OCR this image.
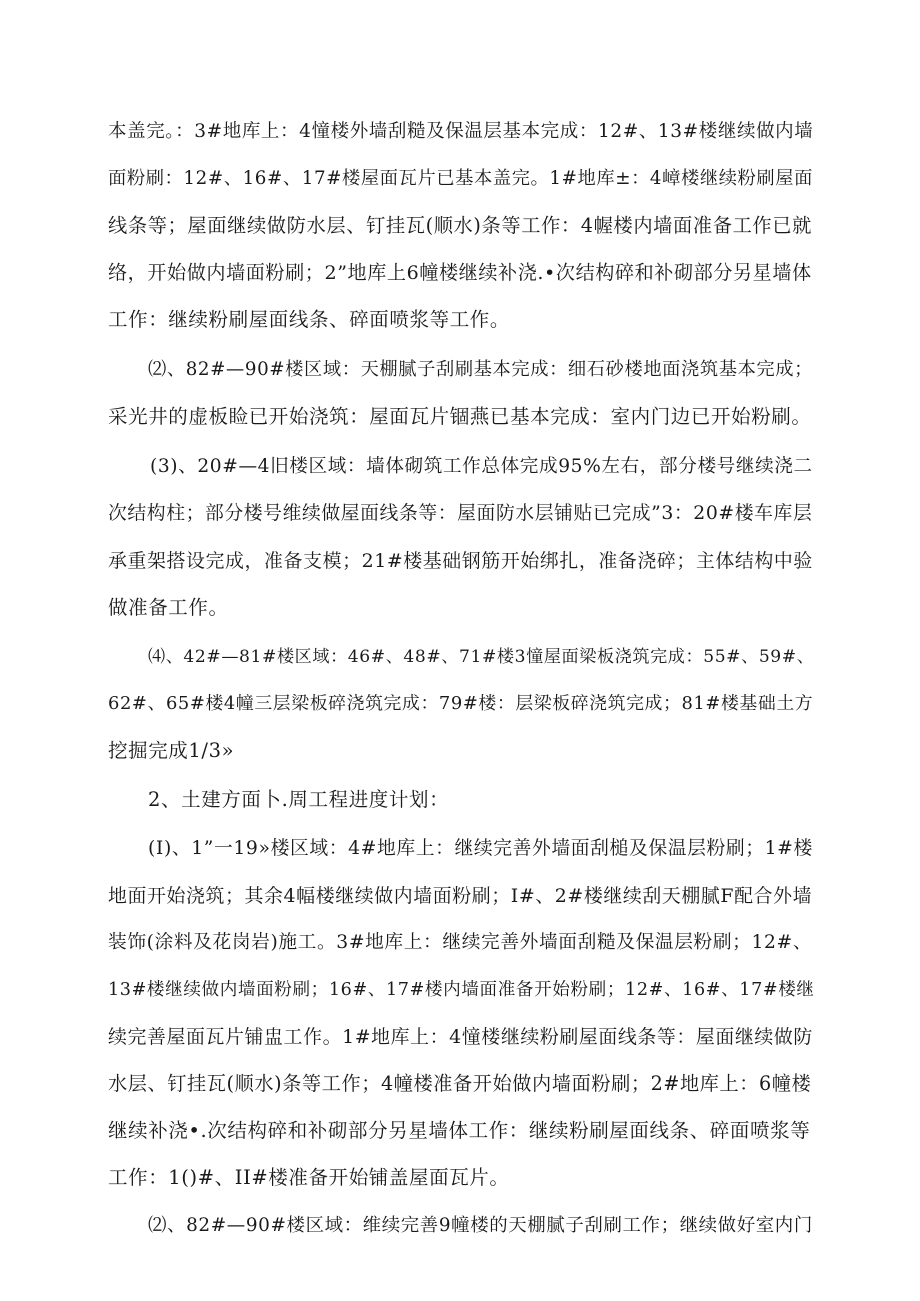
本盖完。：3#地库上：4憧楼外墙刮糙及保温层基本完成：12#、13#楼继续做内墙
面粉刷：12#、16#、17#楼屋面瓦片已基本盖完。1#地库±：4嶂楼继续粉刷屋面
线条等；屋面继续做防水层、钉挂瓦(顺水)条等工作：4幄楼内墙面准备工作已就
络，开始做内墙面粉刷；2”地库上6幢楼继续补浇.•次结构碎和补砌部分另星墙体
工作：继续粉刷屋面线条、碎面喷浆等工作。
⑵、82#—90#楼区域：天棚腻子刮刷基本完成：细石砂楼地面浇筑基本完成；
采光井的虚板睑已开始浇筑：屋面瓦片锢燕已基本完成：室内门边已开始粉刷。
(3)、20#—4旧楼区域：墙体砌筑工作总体完成95%左右，部分楼号继续浇二
次结构柱；部分楼号维续做屋面线条等：屋面防水层铺贴已完成”3：20#楼车库层
承重架搭设完成，准备支模；21#楼基础钢筋开始绑扎，准备浇碎；主体结构中验
做准备工作。
⑷、42#—81#楼区域：46#、48#、71#楼3憧屋面梁板浇筑完成：55#、59#、
62#、65#楼4幢三层梁板碎浇筑完成：79#楼：层梁板碎浇筑完成；81#楼基础土方
挖掘完成1/3»
2、土建方面卜.周工程进度计划：
(I)、1”一19»楼区域：4#地库上：继续完善外墙面刮槌及保温层粉刷；1#楼
地面开始浇筑；其余4幅楼继续做内墙面粉刷；I#、2#楼继续刮天棚腻F配合外墙
装饰(涂料及花岗岩)施工。3#地库上：继续完善外墙面刮糙及保温层粉刷；12#、
13#楼继续做内墙面粉刷；16#、17#楼内墙面准备开始粉刷；12#、16#、17#楼继
续完善屋面瓦片铺盅工作。1#地库上：4憧楼继续粉刷屋面线条等：屋面继续做防
水层、钉挂瓦(顺水)条等工作；4幢楼准备开始做内墙面粉刷；2#地库上：6幢楼
继续补浇•.次结构碎和补砌部分另星墙体工作：继续粉刷屋面线条、碎面喷浆等
工作：1()#、II#楼准备开始铺盖屋面瓦片。
⑵、82#—90#楼区域：维续完善9幢楼的天棚腻子刮刷工作；继续做好室内门
